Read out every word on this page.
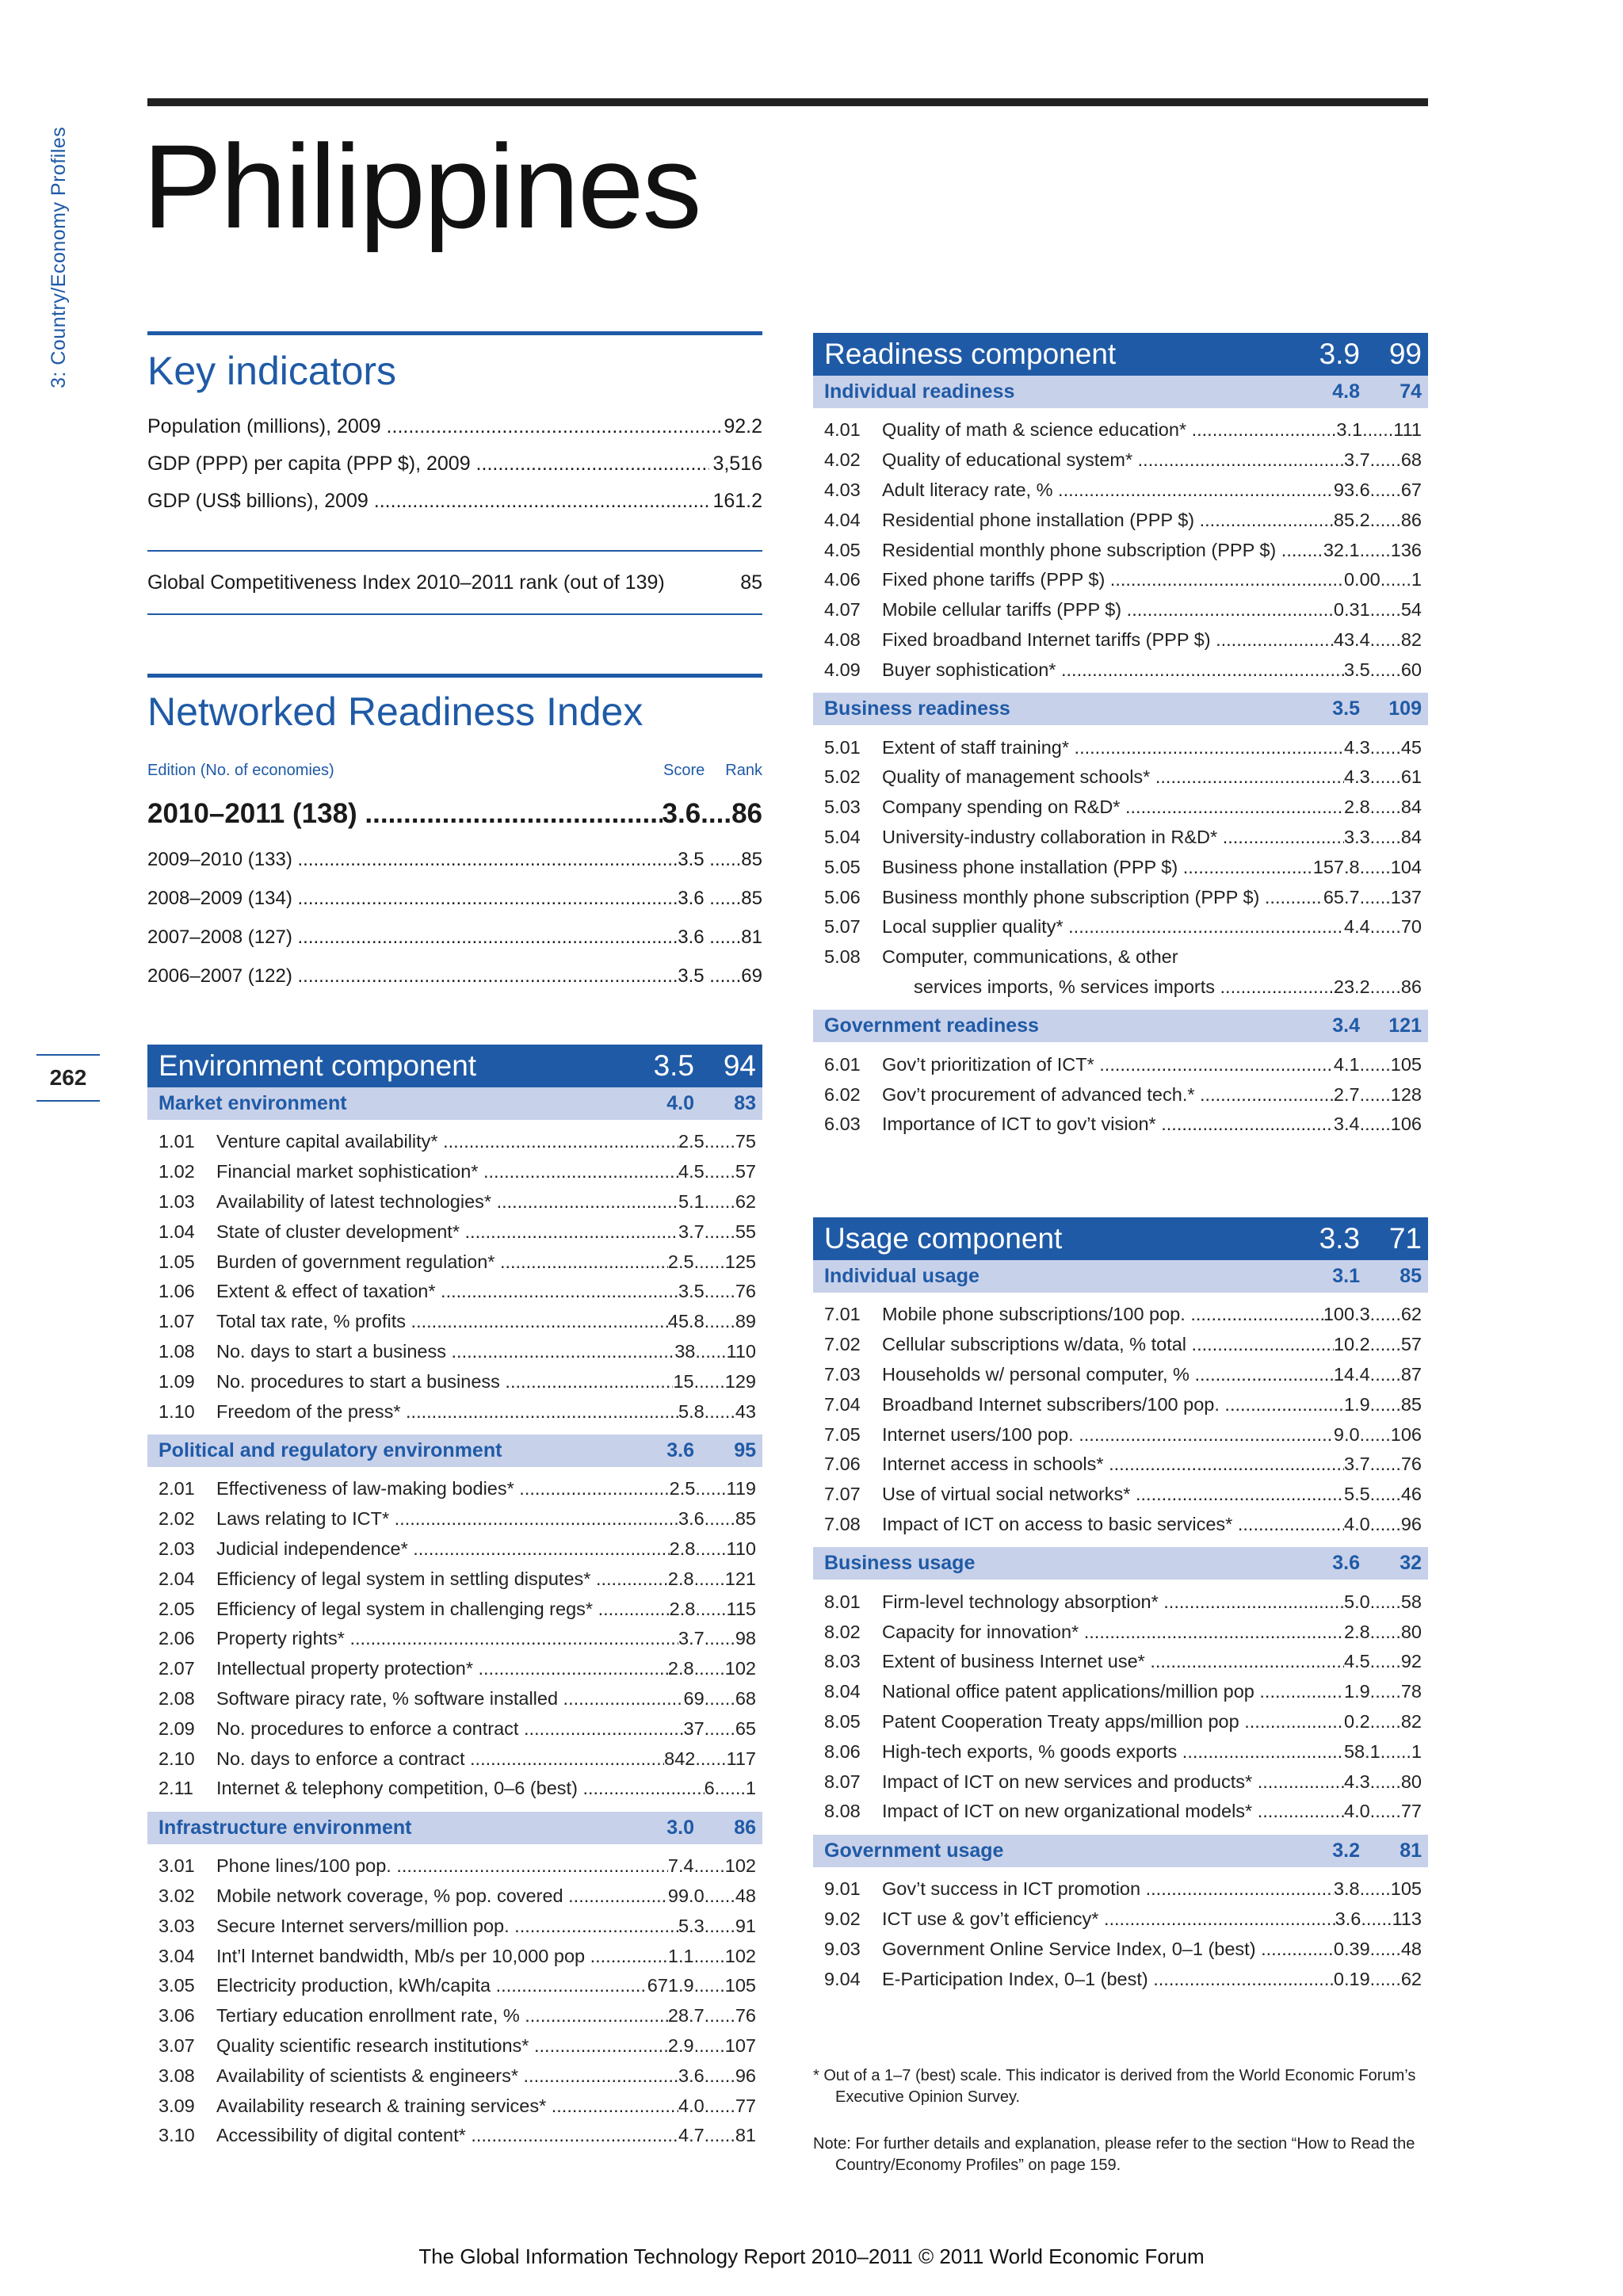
3: Country/Economy Profiles
262
Philippines
Key indicators
Population (millions), 2009 .....	92.2
GDP (PPP) per capita (PPP $), 2009 .....	3,516
GDP (US$ billions), 2009 .....	161.2
Global Competitiveness Index 2010–2011 rank (out of 139)	85
Networked Readiness Index
Edition (No. of economies)	Score Rank
2010–2011 (138) .....	3.6....86
2009–2010 (133) .....	3.5 ......85
2008–2009 (134) .....	3.6 ......85
2007–2008 (127) .....	3.6 ......81
2006–2007 (122) .....	3.5 ......69
Environment component	3.5 94
Market environment	4.0	83
1.01	Venture capital availability* .....	2.5	...... 75
1.02	Financial market sophistication* .....	4.5	...... 57
1.03	Availability of latest technologies* .....	5.1	...... 62
1.04	State of cluster development* .....	3.7	...... 55
1.05	Burden of government regulation* .....	2.5	...... 125
1.06	Extent & effect of taxation* .....	3.5	...... 76
1.07	Total tax rate, % profits .....	45.8	...... 89
1.08	No. days to start a business .....	38	...... 110
1.09	No. procedures to start a business .....	15	...... 129
1.10	Freedom of the press* .....	5.8	...... 43
Political and regulatory environment	3.6	95
2.01	Effectiveness of law-making bodies* .....	2.5	...... 119
2.02	Laws relating to ICT* .....	3.6	...... 85
2.03	Judicial independence* .....	2.8	...... 110
2.04	Efficiency of legal system in settling disputes* .....	2.8	...... 121
2.05	Efficiency of legal system in challenging regs* .....	2.8	...... 115
2.06	Property rights* .....	3.7	...... 98
2.07	Intellectual property protection* .....	2.8	...... 102
2.08	Software piracy rate, % software installed .....	69	...... 68
2.09	No. procedures to enforce a contract .....	37	...... 65
2.10	No. days to enforce a contract .....	842	...... 117
2.11	Internet & telephony competition, 0–6 (best) .....	6	...... 1
Infrastructure environment	3.0	86
3.01	Phone lines/100 pop. .....	7.4	...... 102
3.02	Mobile network coverage, % pop. covered .....	99.0	...... 48
3.03	Secure Internet servers/million pop. .....	5.3	...... 91
3.04	Int’l Internet bandwidth, Mb/s per 10,000 pop .....	1.1	...... 102
3.05	Electricity production, kWh/capita .....	671.9	...... 105
3.06	Tertiary education enrollment rate, % .....	28.7	...... 76
3.07	Quality scientific research institutions* .....	2.9	...... 107
3.08	Availability of scientists & engineers* .....	3.6	...... 96
3.09	Availability research & training services* .....	4.0	...... 77
3.10	Accessibility of digital content* .....	4.7	...... 81
Readiness component	3.9 99
Individual readiness	4.8	74
4.01	Quality of math & science education* .....	3.1	...... 111
4.02	Quality of educational system* .....	3.7	...... 68
4.03	Adult literacy rate, % .....	93.6	...... 67
4.04	Residential phone installation (PPP $) .....	85.2	...... 86
4.05	Residential monthly phone subscription (PPP $) .....	32.1	...... 136
4.06	Fixed phone tariffs (PPP $) .....	0.00	...... 1
4.07	Mobile cellular tariffs (PPP $) .....	0.31	...... 54
4.08	Fixed broadband Internet tariffs (PPP $) .....	43.4	...... 82
4.09	Buyer sophistication* .....	3.5	...... 60
Business readiness	3.5	109
5.01	Extent of staff training* .....	4.3	...... 45
5.02	Quality of management schools* .....	4.3	...... 61
5.03	Company spending on R&D* .....	2.8	...... 84
5.04	University-industry collaboration in R&D* .....	3.3	...... 84
5.05	Business phone installation (PPP $) .....	157.8	...... 104
5.06	Business monthly phone subscription (PPP $) .....	65.7	...... 137
5.07	Local supplier quality* .....	4.4	...... 70
5.08	Computer, communications, & other
services imports, % services imports .....	23.2	...... 86
Government readiness	3.4	121
6.01	Gov’t prioritization of ICT* .....	4.1	...... 105
6.02	Gov’t procurement of advanced tech.* .....	2.7	...... 128
6.03	Importance of ICT to gov’t vision* .....	3.4	...... 106
Usage component	3.3 71
Individual usage	3.1	85
7.01	Mobile phone subscriptions/100 pop. .....	100.3	...... 62
7.02	Cellular subscriptions w/data, % total .....	10.2	...... 57
7.03	Households w/ personal computer, % .....	14.4	...... 87
7.04	Broadband Internet subscribers/100 pop. .....	1.9	...... 85
7.05	Internet users/100 pop. .....	9.0	...... 106
7.06	Internet access in schools* .....	3.7	...... 76
7.07	Use of virtual social networks* .....	5.5	...... 46
7.08	Impact of ICT on access to basic services* .....	4.0	...... 96
Business usage	3.6	32
8.01	Firm-level technology absorption* .....	5.0	...... 58
8.02	Capacity for innovation* .....	2.8	...... 80
8.03	Extent of business Internet use* .....	4.5	...... 92
8.04	National office patent applications/million pop .....	1.9	...... 78
8.05	Patent Cooperation Treaty apps/million pop .....	0.2	...... 82
8.06	High-tech exports, % goods exports .....	58.1	...... 1
8.07	Impact of ICT on new services and products* .....	4.3	...... 80
8.08	Impact of ICT on new organizational models* .....	4.0	...... 77
Government usage	3.2	81
9.01	Gov’t success in ICT promotion .....	3.8	...... 105
9.02	ICT use & gov’t efficiency* .....	3.6	...... 113
9.03	Government Online Service Index, 0–1 (best) .....	0.39	...... 48
9.04	E-Participation Index, 0–1 (best) .....	0.19	...... 62
* Out of a 1–7 (best) scale. This indicator is derived from the World Economic Forum’s Executive Opinion Survey.
Note: For further details and explanation, please refer to the section “How to Read the Country/Economy Profiles” on page 159.
The Global Information Technology Report 2010–2011 © 2011 World Economic Forum
